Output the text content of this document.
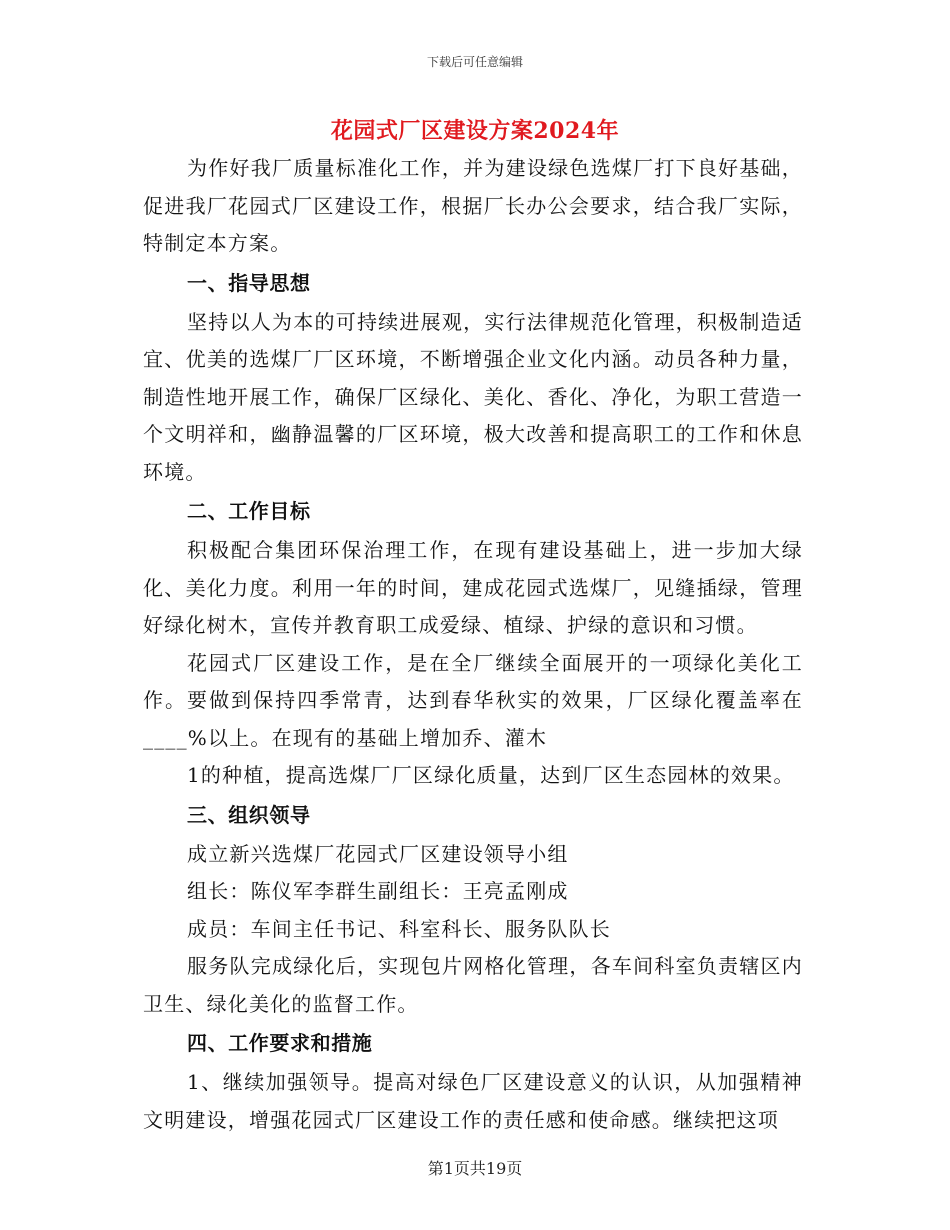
下载后可任意编辑
花园式厂区建设方案2024年

为作好我厂质量标准化工作，并为建设绿色选煤厂打下良好基础，促进我厂花园式厂区建设工作，根据厂长办公会要求，结合我厂实际，特制定本方案。

一、指导思想

坚持以人为本的可持续进展观，实行法律规范化管理，积极制造适宜、优美的选煤厂厂区环境，不断增强企业文化内涵。动员各种力量，制造性地开展工作，确保厂区绿化、美化、香化、净化，为职工营造一个文明祥和，幽静温馨的厂区环境，极大改善和提高职工的工作和休息环境。

二、工作目标

积极配合集团环保治理工作，在现有建设基础上，进一步加大绿化、美化力度。利用一年的时间，建成花园式选煤厂，见缝插绿，管理好绿化树木，宣传并教育职工成爱绿、植绿、护绿的意识和习惯。

花园式厂区建设工作，是在全厂继续全面展开的一项绿化美化工作。要做到保持四季常青，达到春华秋实的效果，厂区绿化覆盖率在____%以上。在现有的基础上增加乔、灌木

1的种植，提高选煤厂厂区绿化质量，达到厂区生态园林的效果。

三、组织领导

成立新兴选煤厂花园式厂区建设领导小组

组长：陈仪军李群生副组长：王亮孟刚成

成员：车间主任书记、科室科长、服务队队长

服务队完成绿化后，实现包片网格化管理，各车间科室负责辖区内卫生、绿化美化的监督工作。

四、工作要求和措施

1、继续加强领导。提高对绿色厂区建设意义的认识，从加强精神文明建设，增强花园式厂区建设工作的责任感和使命感。继续把这项

第1页共19页
